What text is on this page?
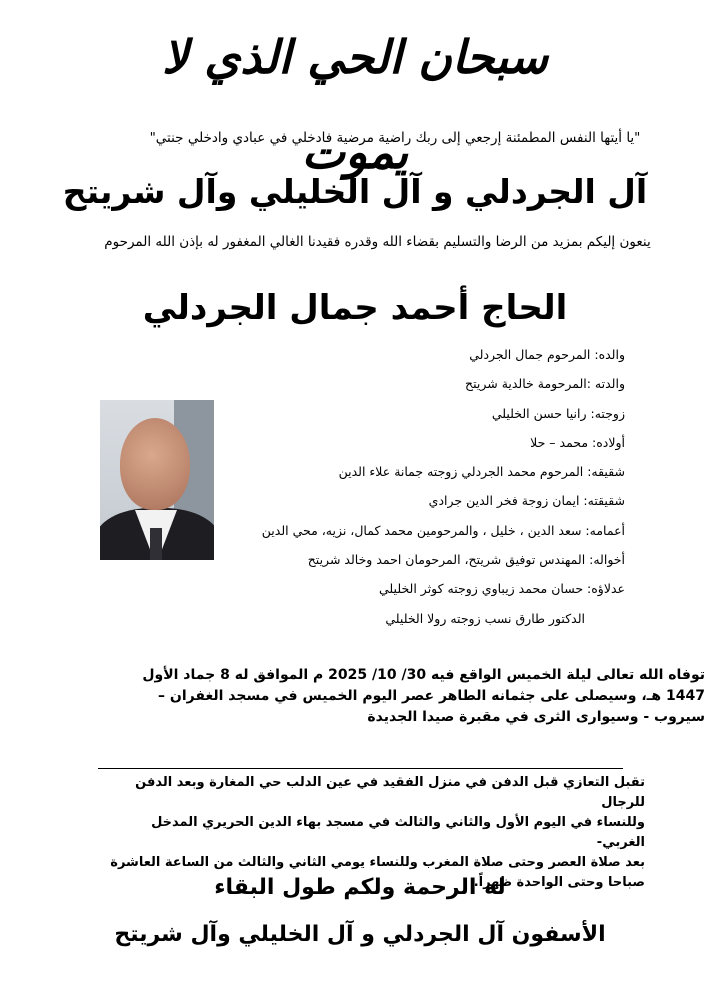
سبحان الحي الذي لا يموت
"يا أيتها النفس المطمئنة إرجعي إلى ربك راضية مرضية فادخلي في عبادي وادخلي جنتي"
آل الجردلي و آل الخليلي وآل شريتح
ينعون إليكم بمزيد من الرضا والتسليم بقضاء الله وقدره فقيدنا الغالي المغفور له بإذن الله المرحوم
الحاج أحمد جمال الجردلي
والده: المرحوم جمال الجردلي
والدته :المرحومة خالدية شريتح
زوجته: رانيا حسن الخليلي
أولاده: محمد – حلا
شقيقه: المرحوم محمد الجردلي زوجته جمانة علاء الدين
شقيقته: ايمان زوجة فخر الدين جرادي
أعمامه: سعد الدين ، خليل ، والمرحومين محمد كمال، نزيه، محي الدين
أخواله: المهندس توفيق شريتح، المرحومان احمد وخالد شريتح
عدلاؤه: حسان محمد زيباوي زوجته كوثر الخليلي
الدكتور طارق نسب زوجته رولا الخليلي
توفاه الله تعالى ليلة الخميس الواقع فيه 30/ 10/ 2025 م الموافق له 8 جماد الأول
1447 هـ، وسيصلى على جثمانه الطاهر عصر اليوم الخميس في مسجد الغفران –
سيروب - وسيوارى الثرى في مقبرة صيدا الجديدة
تقبل التعازي قبل الدفن في منزل الفقيد في عين الدلب حي المغارة وبعد الدفن للرجال
وللنساء في اليوم الأول والثاني والثالث في مسجد بهاء الدين الحريري المدخل الغربي-
بعد صلاة العصر وحتى صلاة المغرب وللنساء يومي الثاني والثالث من الساعة العاشرة
صباحا وحتى الواحدة ظهراً.
له الرحمة ولكم طول البقاء
الأسفون آل الجردلي و آل الخليلي وآل شريتح
